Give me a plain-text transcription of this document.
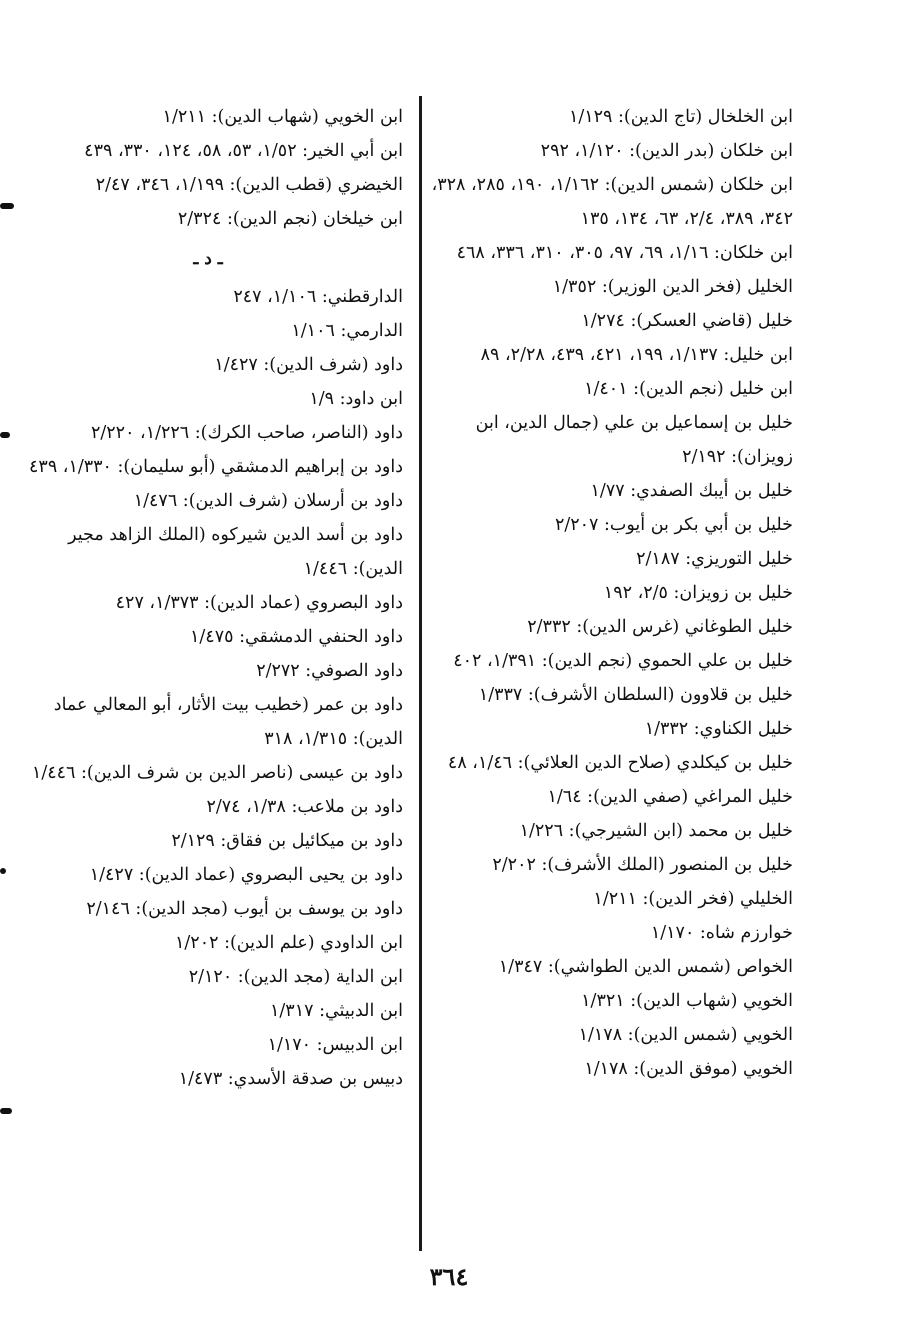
ابن الخلخال (تاج الدين): ١/١٢٩

ابن خلكان (بدر الدين): ١/١٢٠، ٢٩٢

ابن خلكان (شمس الدين): ١/١٦٢، ١٩٠، ٢٨٥، ٣٢٨، ٣٤٢، ٣٨٩، ٢/٤، ٦٣، ١٣٤، ١٣٥

ابن خلكان: ١/١٦، ٦٩، ٩٧، ٣٠٥، ٣١٠، ٣٣٦، ٤٦٨

الخليل (فخر الدين الوزير): ١/٣٥٢

خليل (قاضي العسكر): ١/٢٧٤

ابن خليل: ١/١٣٧، ١٩٩، ٤٢١، ٤٣٩، ٢/٢٨، ٨٩

ابن خليل (نجم الدين): ١/٤٠١

خليل بن إسماعيل بن علي (جمال الدين، ابن زويزان): ٢/١٩٢

خليل بن أيبك الصفدي: ١/٧٧

خليل بن أبي بكر بن أيوب: ٢/٢٠٧

خليل التوريزي: ٢/١٨٧

خليل بن زويزان: ٢/٥، ١٩٢

خليل الطوغاني (غرس الدين): ٢/٣٣٢

خليل بن علي الحموي (نجم الدين): ١/٣٩١، ٤٠٢

خليل بن قلاوون (السلطان الأشرف): ١/٣٣٧

خليل الكناوي: ١/٣٣٢

خليل بن كيكلدي (صلاح الدين العلائي): ١/٤٦، ٤٨

خليل المراغي (صفي الدين): ١/٦٤

خليل بن محمد (ابن الشيرجي): ١/٢٢٦

خليل بن المنصور (الملك الأشرف): ٢/٢٠٢

الخليلي (فخر الدين): ١/٢١١

خوارزم شاه: ١/١٧٠

الخواص (شمس الدين الطواشي): ١/٣٤٧

الخويي (شهاب الدين): ١/٣٢١

الخويي (شمس الدين): ١/١٧٨

الخويي (موفق الدين): ١/١٧٨

ابن الخويي (شهاب الدين): ١/٢١١

ابن أبي الخير: ١/٥٢، ٥٣، ٥٨، ١٢٤، ٣٣٠، ٤٣٩

الخيضري (قطب الدين): ١/١٩٩، ٣٤٦، ٢/٤٧

ابن خيلخان (نجم الدين): ٢/٣٢٤

ـ د ـ

الدارقطني: ١/١٠٦، ٢٤٧

الدارمي: ١/١٠٦

داود (شرف الدين): ١/٤٢٧

ابن داود: ١/٩

داود (الناصر، صاحب الكرك): ١/٢٢٦، ٢/٢٢٠

داود بن إبراهيم الدمشقي (أبو سليمان): ١/٣٣٠، ٤٣٩

داود بن أرسلان (شرف الدين): ١/٤٧٦

داود بن أسد الدين شيركوه (الملك الزاهد مجير الدين): ١/٤٤٦

داود البصروي (عماد الدين): ١/٣٧٣، ٤٢٧

داود الحنفي الدمشقي: ١/٤٧٥

داود الصوفي: ٢/٢٧٢

داود بن عمر (خطيب بيت الأثار، أبو المعالي عماد الدين): ١/٣١٥، ٣١٨

داود بن عيسى (ناصر الدين بن شرف الدين): ١/٤٤٦

داود بن ملاعب: ١/٣٨، ٢/٧٤

داود بن ميكائيل بن فقاق: ٢/١٢٩

داود بن يحيى البصروي (عماد الدين): ١/٤٢٧

داود بن يوسف بن أيوب (مجد الدين): ٢/١٤٦

ابن الداودي (علم الدين): ١/٢٠٢

ابن الداية (مجد الدين): ٢/١٢٠

ابن الدبيثي: ١/٣١٧

ابن الدبيس: ١/١٧٠

دبيس بن صدقة الأسدي: ١/٤٧٣

٣٦٤
